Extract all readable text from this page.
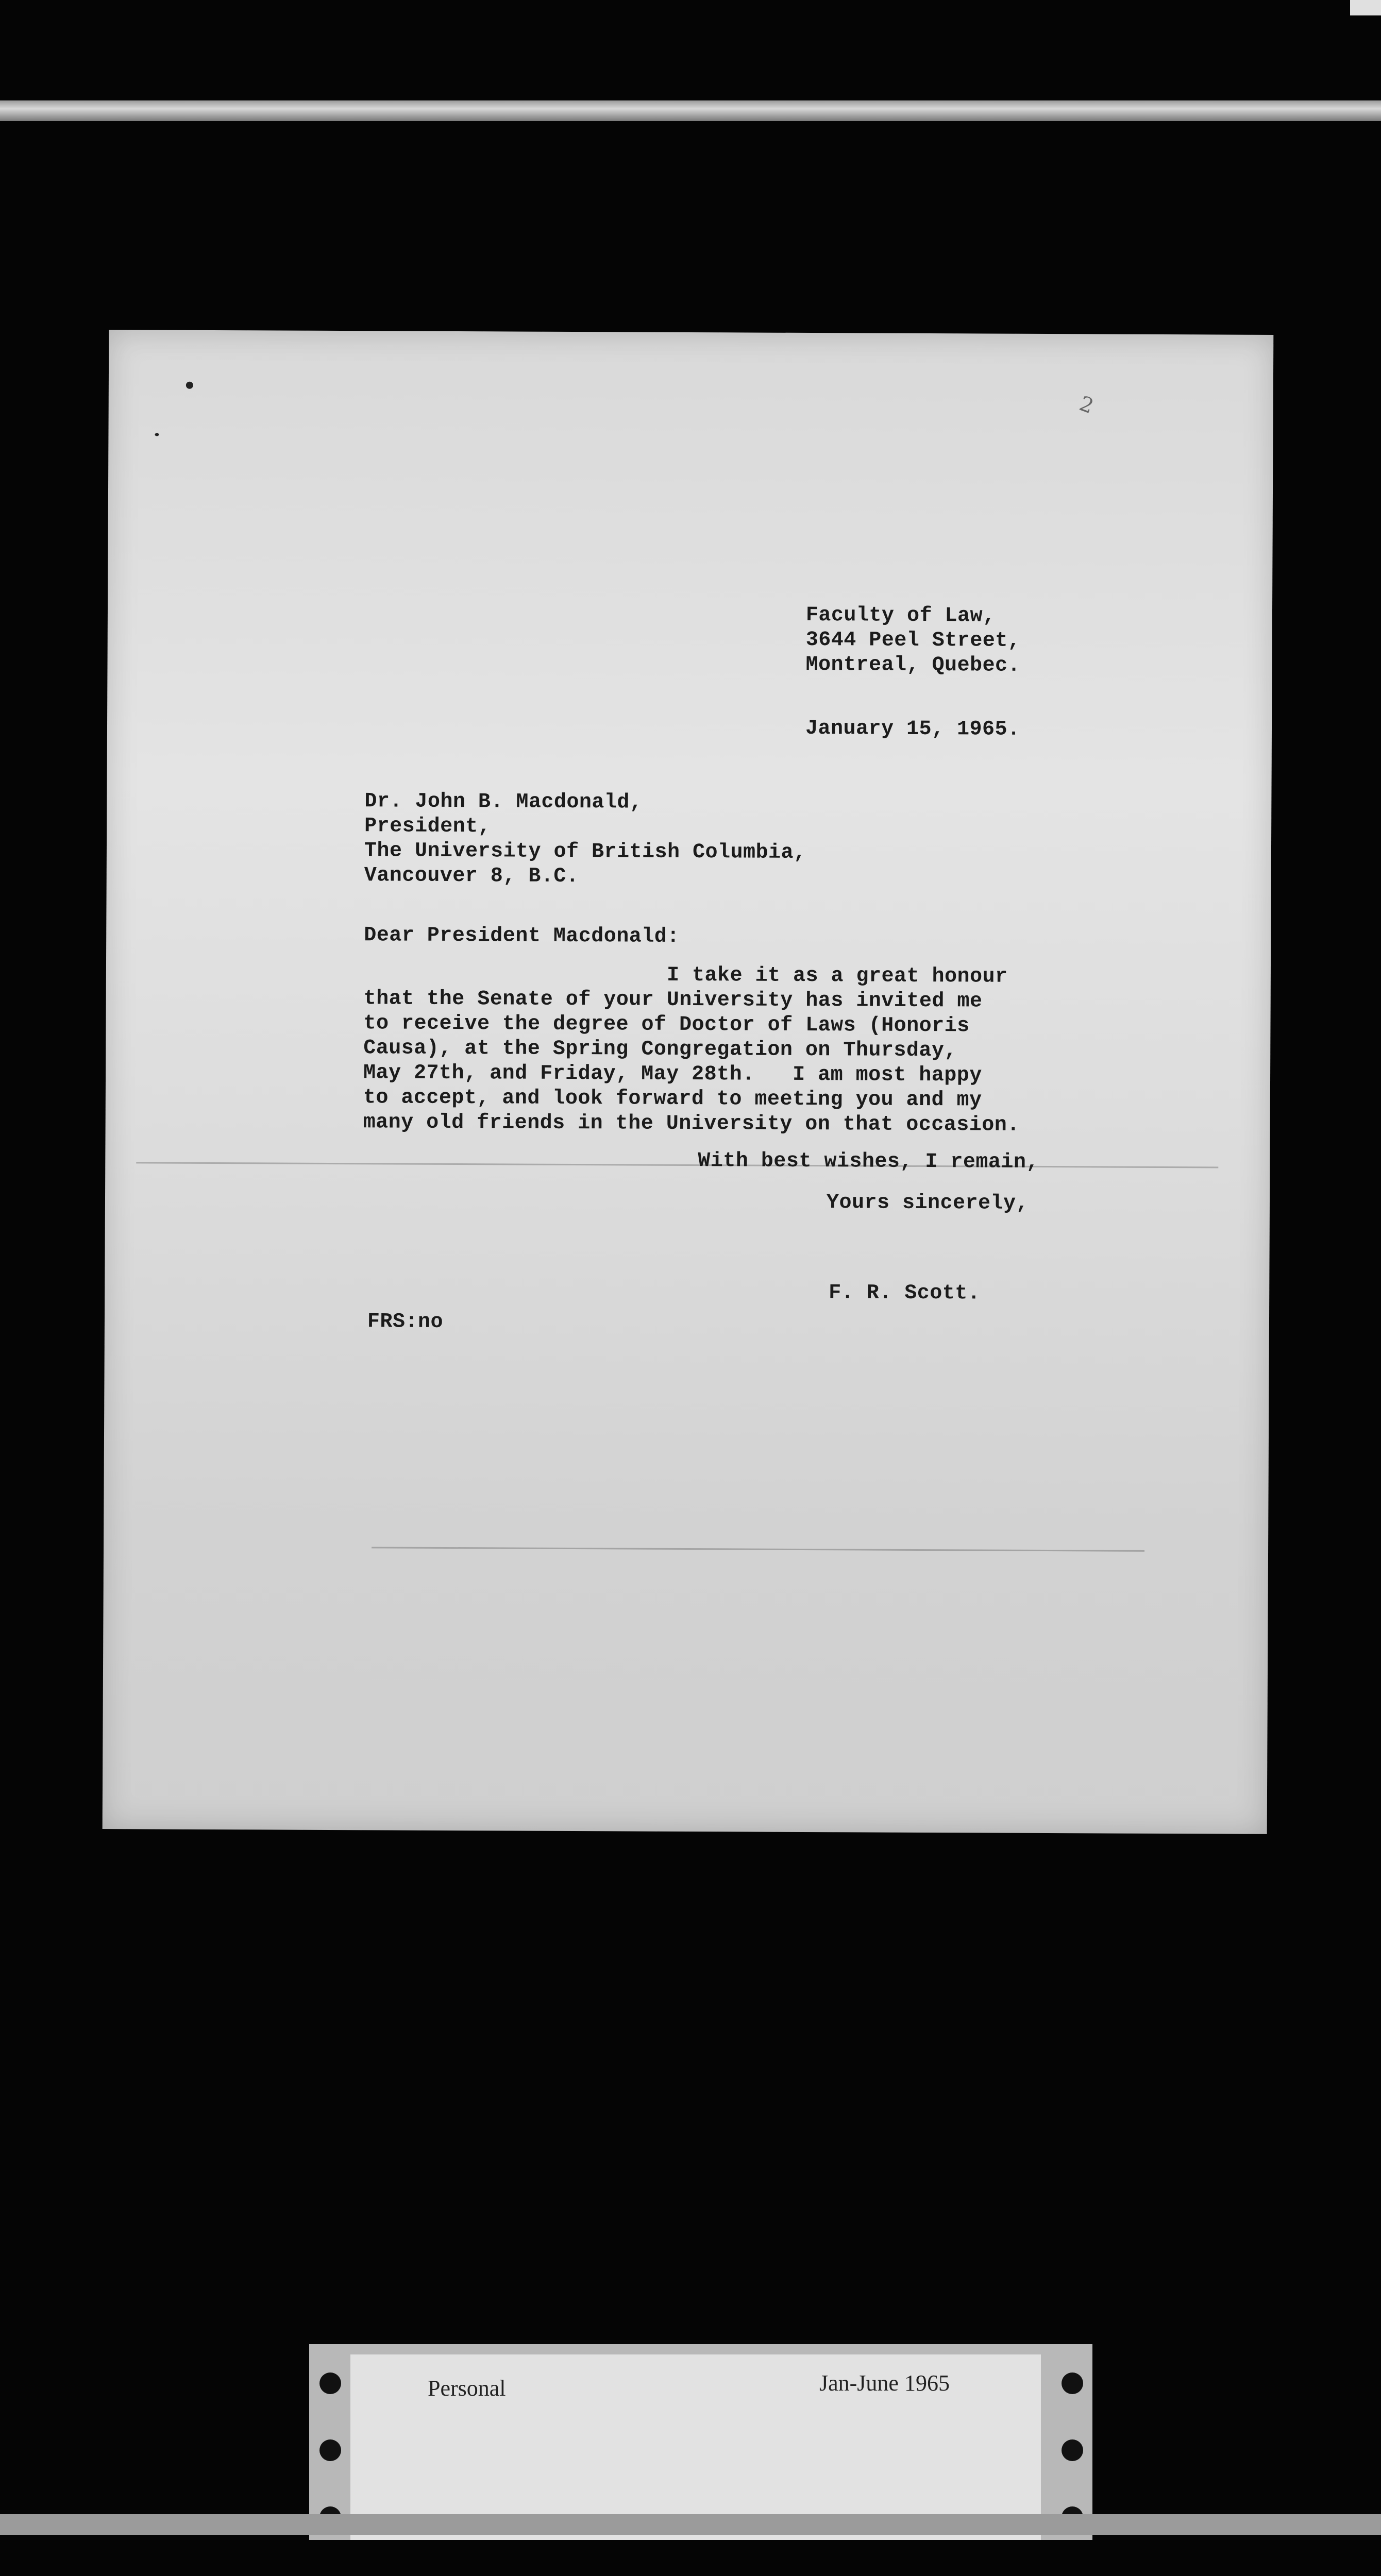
2
Faculty of Law,
3644 Peel Street,
Montreal, Quebec.
January 15, 1965.
Dr. John B. Macdonald,
President,
The University of British Columbia,
Vancouver 8, B.C.
Dear President Macdonald:
I take it as a great honour
that the Senate of your University has invited me
to receive the degree of Doctor of Laws (Honoris
Causa), at the Spring Congregation on Thursday,
May 27th, and Friday, May 28th.   I am most happy
to accept, and look forward to meeting you and my
many old friends in the University on that occasion.
With best wishes, I remain,
Yours sincerely,
F. R. Scott.
FRS:no
Personal	Jan-June 1965
